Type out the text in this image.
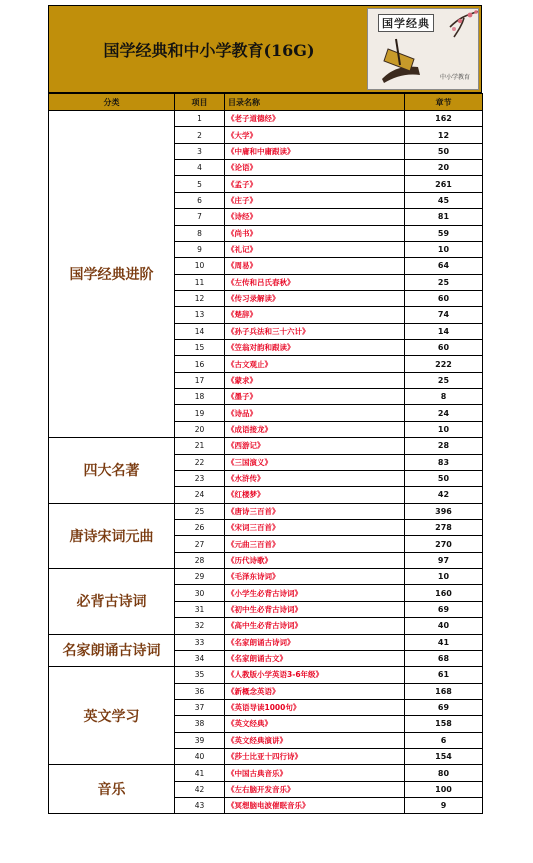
国学经典和中小学教育(16G)
国学经典
中小学教育
分类	项目	目录名称	章节
国学经典进阶	1	《老子道德经》	162
	2	《大学》	12
	3	《中庸和中庸跟读》	50
	4	《论语》	20
	5	《孟子》	261
	6	《庄子》	45
	7	《诗经》	81
	8	《尚书》	59
	9	《礼记》	10
	10	《周易》	64
	11	《左传和吕氏春秋》	25
	12	《传习录解读》	60
	13	《楚辞》	74
	14	《孙子兵法和三十六计》	14
	15	《笠翁对韵和跟读》	60
	16	《古文观止》	222
	17	《蒙求》	25
	18	《墨子》	8
	19	《诗品》	24
	20	《成语接龙》	10
四大名著	21	《西游记》	28
	22	《三国演义》	83
	23	《水浒传》	50
	24	《红楼梦》	42
唐诗宋词元曲	25	《唐诗三百首》	396
	26	《宋词三百首》	278
	27	《元曲三百首》	270
	28	《历代诗歌》	97
必背古诗词	29	《毛泽东诗词》	10
	30	《小学生必背古诗词》	160
	31	《初中生必背古诗词》	69
	32	《高中生必背古诗词》	40
名家朗诵古诗词	33	《名家朗诵古诗词》	41
	34	《名家朗诵古文》	68
英文学习	35	《人教版小学英语3-6年级》	61
	36	《新概念英语》	168
	37	《英语导读1000句》	69
	38	《英文经典》	158
	39	《英文经典演讲》	6
	40	《莎士比亚十四行诗》	154
音乐	41	《中国古典音乐》	80
	42	《左右脑开发音乐》	100
	43	《冥想脑电波催眠音乐》	9
